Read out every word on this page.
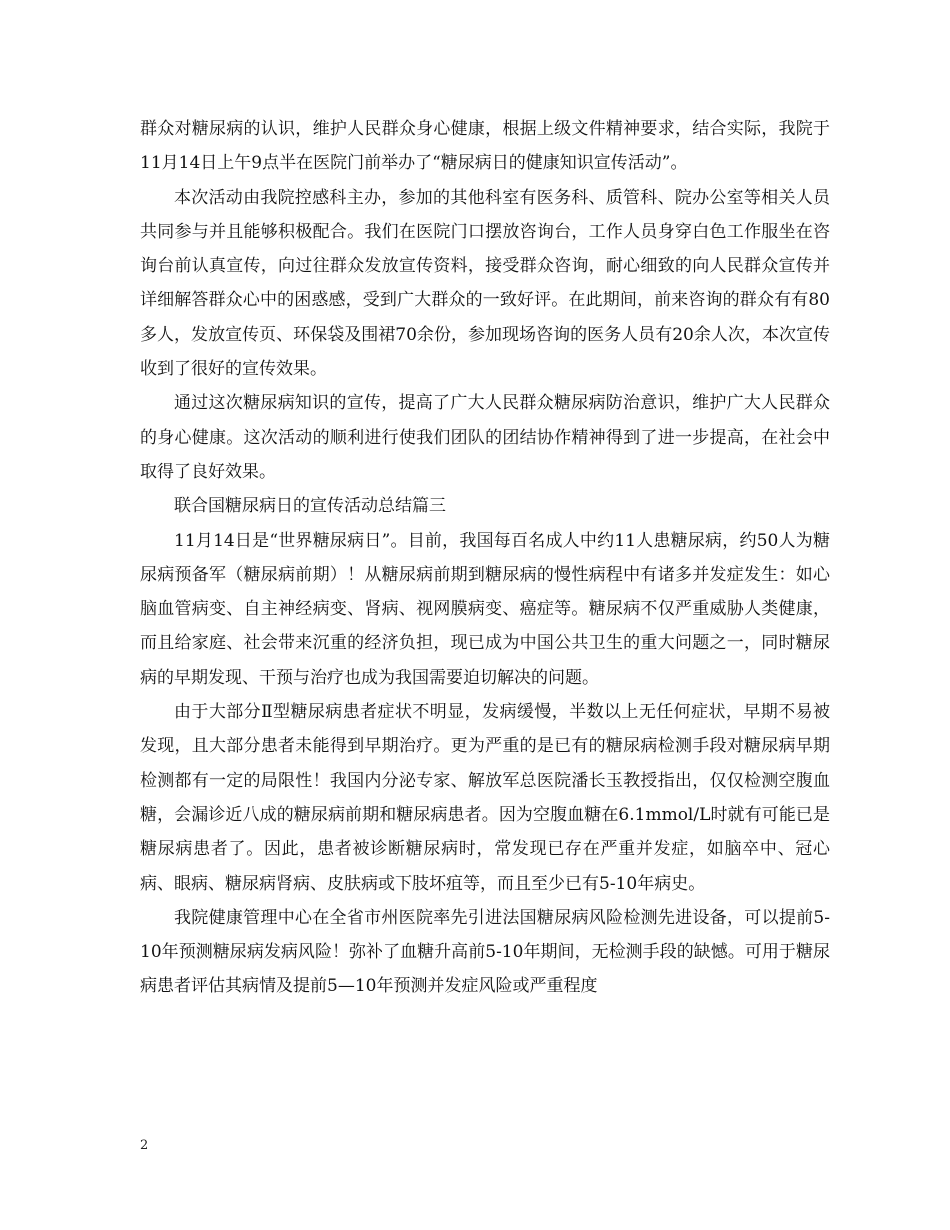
群众对糖尿病的认识，维护人民群众身心健康，根据上级文件精神要求，结合实际，我院于11月14日上午9点半在医院门前举办了“糖尿病日的健康知识宣传活动”。

本次活动由我院控感科主办，参加的其他科室有医务科、质管科、院办公室等相关人员共同参与并且能够积极配合。我们在医院门口摆放咨询台，工作人员身穿白色工作服坐在咨询台前认真宣传，向过往群众发放宣传资料，接受群众咨询，耐心细致的向人民群众宣传并详细解答群众心中的困惑感，受到广大群众的一致好评。在此期间，前来咨询的群众有有80多人，发放宣传页、环保袋及围裙70余份，参加现场咨询的医务人员有20余人次，本次宣传收到了很好的宣传效果。

通过这次糖尿病知识的宣传，提高了广大人民群众糖尿病防治意识，维护广大人民群众的身心健康。这次活动的顺利进行使我们团队的团结协作精神得到了进一步提高，在社会中取得了良好效果。

联合国糖尿病日的宣传活动总结篇三

11月14日是“世界糖尿病日”。目前，我国每百名成人中约11人患糖尿病，约50人为糖尿病预备军（糖尿病前期）！从糖尿病前期到糖尿病的慢性病程中有诸多并发症发生：如心脑血管病变、自主神经病变、肾病、视网膜病变、癌症等。糖尿病不仅严重威胁人类健康，而且给家庭、社会带来沉重的经济负担，现已成为中国公共卫生的重大问题之一，同时糖尿病的早期发现、干预与治疗也成为我国需要迫切解决的问题。

由于大部分Ⅱ型糖尿病患者症状不明显，发病缓慢，半数以上无任何症状，早期不易被发现，且大部分患者未能得到早期治疗。更为严重的是已有的糖尿病检测手段对糖尿病早期检测都有一定的局限性！我国内分泌专家、解放军总医院潘长玉教授指出，仅仅检测空腹血糖，会漏诊近八成的糖尿病前期和糖尿病患者。因为空腹血糖在6.1mmol/L时就有可能已是糖尿病患者了。因此，患者被诊断糖尿病时，常发现已存在严重并发症，如脑卒中、冠心病、眼病、糖尿病肾病、皮肤病或下肢坏疽等，而且至少已有5-10年病史。

我院健康管理中心在全省市州医院率先引进法国糖尿病风险检测先进设备，可以提前5-10年预测糖尿病发病风险！弥补了血糖升高前5-10年期间，无检测手段的缺憾。可用于糖尿病患者评估其病情及提前5—10年预测并发症风险或严重程度

2
